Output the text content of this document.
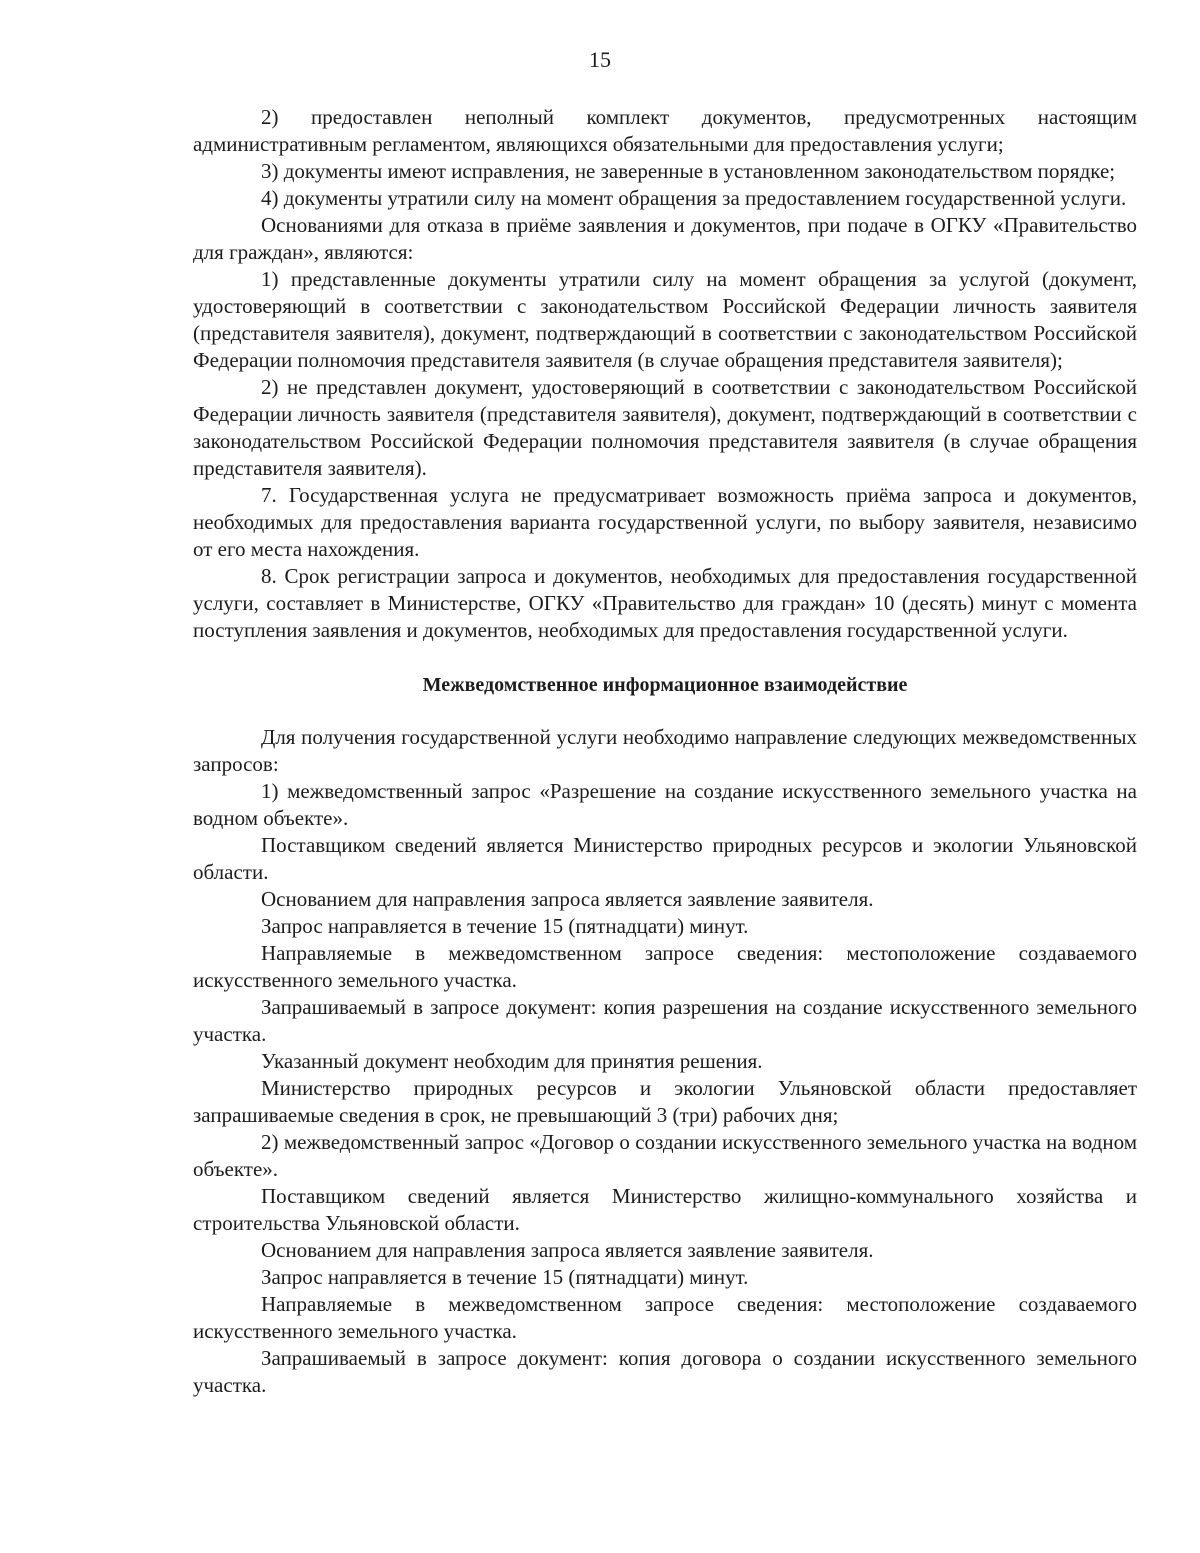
15

2) предоставлен неполный комплект документов, предусмотренных настоящим административным регламентом, являющихся обязательными для предоставления услуги;

3) документы имеют исправления, не заверенные в установленном законодательством порядке;

4) документы утратили силу на момент обращения за предоставлением государственной услуги.

Основаниями для отказа в приёме заявления и документов, при подаче в ОГКУ «Правительство для граждан», являются:

1) представленные документы утратили силу на момент обращения за услугой (документ, удостоверяющий в соответствии с законодательством Российской Федерации личность заявителя (представителя заявителя), документ, подтверждающий в соответствии с законодательством Российской Федерации полномочия представителя заявителя (в случае обращения представителя заявителя);

2) не представлен документ, удостоверяющий в соответствии с законодательством Российской Федерации личность заявителя (представителя заявителя), документ, подтверждающий в соответствии с законодательством Российской Федерации полномочия представителя заявителя (в случае обращения представителя заявителя).

7. Государственная услуга не предусматривает возможность приёма запроса и документов, необходимых для предоставления варианта государственной услуги, по выбору заявителя, независимо от его места нахождения.

8. Срок регистрации запроса и документов, необходимых для предоставления государственной услуги, составляет в Министерстве, ОГКУ «Правительство для граждан» 10 (десять) минут с момента поступления заявления и документов, необходимых для предоставления государственной услуги.

Межведомственное информационное взаимодействие

Для получения государственной услуги необходимо направление следующих межведомственных запросов:

1) межведомственный запрос «Разрешение на создание искусственного земельного участка на водном объекте».

Поставщиком сведений является Министерство природных ресурсов и экологии Ульяновской области.

Основанием для направления запроса является заявление заявителя.

Запрос направляется в течение 15 (пятнадцати) минут.

Направляемые в межведомственном запросе сведения: местоположение создаваемого искусственного земельного участка.

Запрашиваемый в запросе документ: копия разрешения на создание искусственного земельного участка.

Указанный документ необходим для принятия решения.

Министерство природных ресурсов и экологии Ульяновской области предоставляет запрашиваемые сведения в срок, не превышающий 3 (три) рабочих дня;

2) межведомственный запрос «Договор о создании искусственного земельного участка на водном объекте».

Поставщиком сведений является Министерство жилищно-коммунального хозяйства и строительства Ульяновской области.

Основанием для направления запроса является заявление заявителя.

Запрос направляется в течение 15 (пятнадцати) минут.

Направляемые в межведомственном запросе сведения: местоположение создаваемого искусственного земельного участка.

Запрашиваемый в запросе документ: копия договора о создании искусственного земельного участка.
